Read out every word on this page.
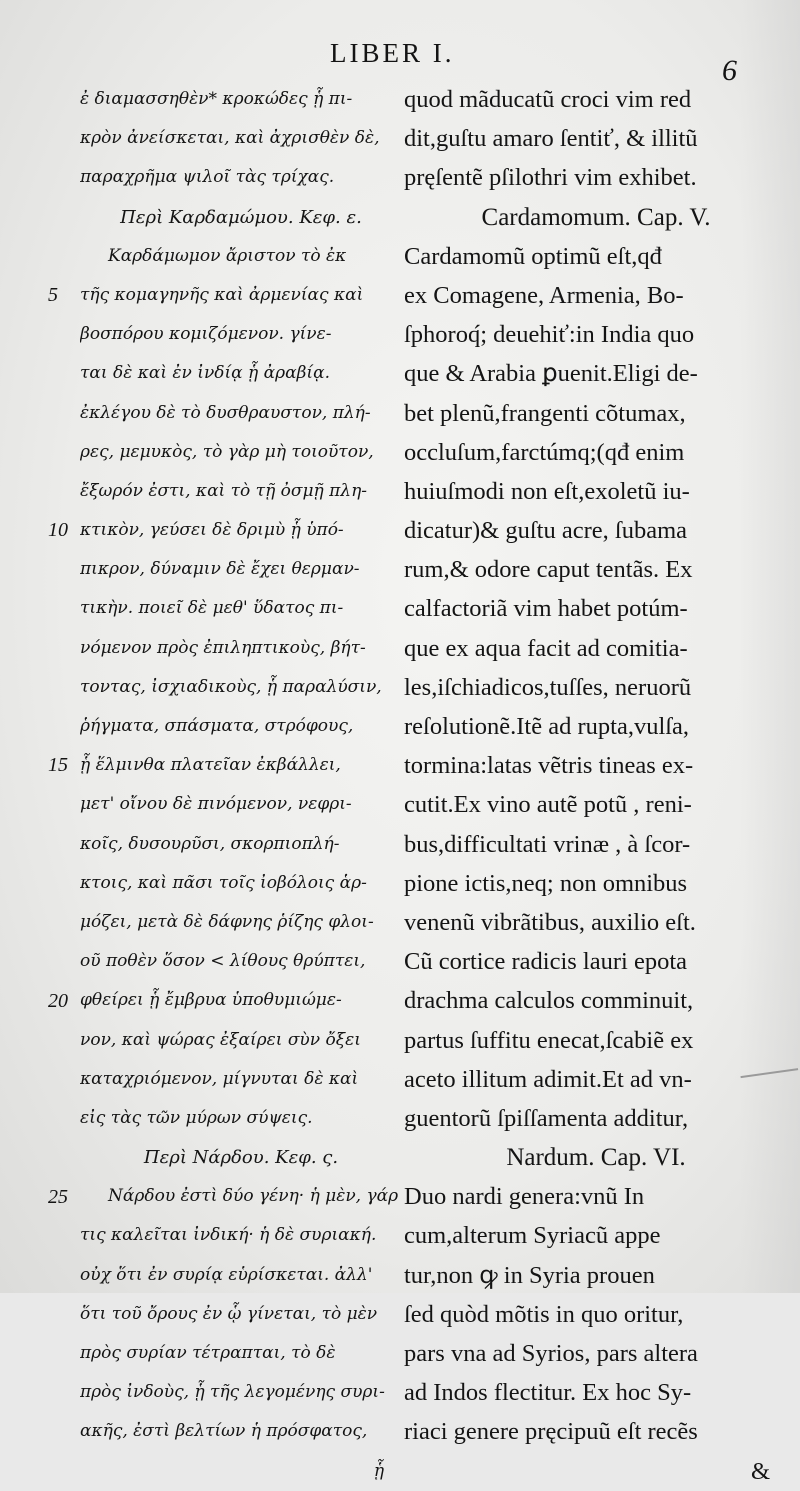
LIBER I.
6
ἐ διαμασσηθὲν* κροκώδες ᾗ πι-
κρὸν ἀνείσκεται, καὶ ἀχρισθὲν δὲ,
παραχρῆμα ψιλοῖ τὰς τρίχας.
Περὶ Καρδαμώμου. Κεφ. ε.
Καρδάμωμον ἄριστον τὸ ἐκ
τῆς κομαγηνῆς καὶ ἀρμενίας καὶ
βοσπόρου κομιζόμενον. γίνε-
ται δὲ καὶ ἐν ἰνδίᾳ ᾗ ἀραβίᾳ.
ἐκλέγου δὲ τὸ δυσθραυστον, πλή-
ρες, μεμυκὸς, τὸ γὰρ μὴ τοιοῦτον,
ἔξωρόν ἐστι, καὶ τὸ τῇ ὀσμῇ πλη-
κτικὸν, γεύσει δὲ δριμὺ ᾗ ὑπό-
πικρον, δύναμιν δὲ ἔχει θερμαν-
τικὴν. ποιεῖ δὲ μεθ' ὕδατος πι-
νόμενον πρὸς ἐπιληπτικοὺς, βήτ-
τοντας, ἰσχιαδικοὺς, ᾗ παραλύσιν,
ῥήγματα, σπάσματα, στρόφους,
ᾗ ἕλμινθα πλατεῖαν ἐκβάλλει,
μετ' οἴνου δὲ πινόμενον, νεφρι-
κοῖς, δυσουρῦσι, σκορπιοπλή-
κτοις, καὶ πᾶσι τοῖς ἰοβόλοις ἁρ-
μόζει, μετὰ δὲ δάφνης ῥίζης φλοι-
οῦ ποθὲν ὅσον < λίθους θρύπτει,
φθείρει ᾗ ἔμβρυα ὑποθυμιώμε-
νον, καὶ ψώρας ἐξαίρει σὺν ὄξει
καταχριόμενον, μίγνυται δὲ καὶ
εἰς τὰς τῶν μύρων σύψεις.
Περὶ Νάρδου. Κεφ. ς.
Νάρδου ἐστὶ δύο γένη· ἡ μὲν, γάρ
τις καλεῖται ἰνδική· ἡ δὲ συριακή.
οὐχ ὅτι ἐν συρίᾳ εὑρίσκεται. ἀλλ'
ὅτι τοῦ ὄρους ἐν ᾧ γίνεται, τὸ μὲν
πρὸς συρίαν τέτραπται, τὸ δὲ
πρὸς ἰνδοὺς, ᾗ τῆς λεγομένης συρι-
ακῆς, ἐστὶ βελτίων ἡ πρόσφατος,
ᾗ
quod mãducatũ croci vim red
dit,guſtu amaro ſentiť, & illitũ
pręſentẽ pſilothri vim exhibet.
Cardamomum. Cap. V.
Cardamomũ optimũ eſt,qđ
ex Comagene, Armenia, Bo-
ſphoroq́; deuehiť:in India quo
que & Arabia ꝑuenit.Eligi de-
bet plenũ,frangenti cõtumax,
occluſum,farctúmq;(qđ enim
huiuſmodi non eſt,exoletũ iu-
dicatur)& guſtu acre, ſubama
rum,& odore caput tentãs. Ex
calfactoriã vim habet potúm-
que ex aqua facit ad comitia-
les,iſchiadicos,tuſſes, neruorũ
reſolutionẽ.Itẽ ad rupta,vulſa,
tormina:latas vẽtris tineas ex-
cutit.Ex vino autẽ potũ , reni-
bus,difficultati vrinæ , à ſcor-
pione ictis,neq; non omnibus
venenũ vibrãtibus, auxilio eſt.
Cũ cortice radicis lauri epota
drachma calculos comminuit,
partus ſuffitu enecat,ſcabiẽ ex
aceto illitum adimit.Et ad vn-
guentorũ ſpiſſamenta additur,
Nardum. Cap. VI.
Duo nardi genera:vnũ In
cum,alterum Syriacũ appe
tur,non ꝙ in Syria prouen
ſed quòd mõtis in quo oritur,
pars vna ad Syrios, pars altera
ad Indos flectitur. Ex hoc Sy-
riaci genere pręcipuũ eſt recẽs
&
5
10
15
20
25
